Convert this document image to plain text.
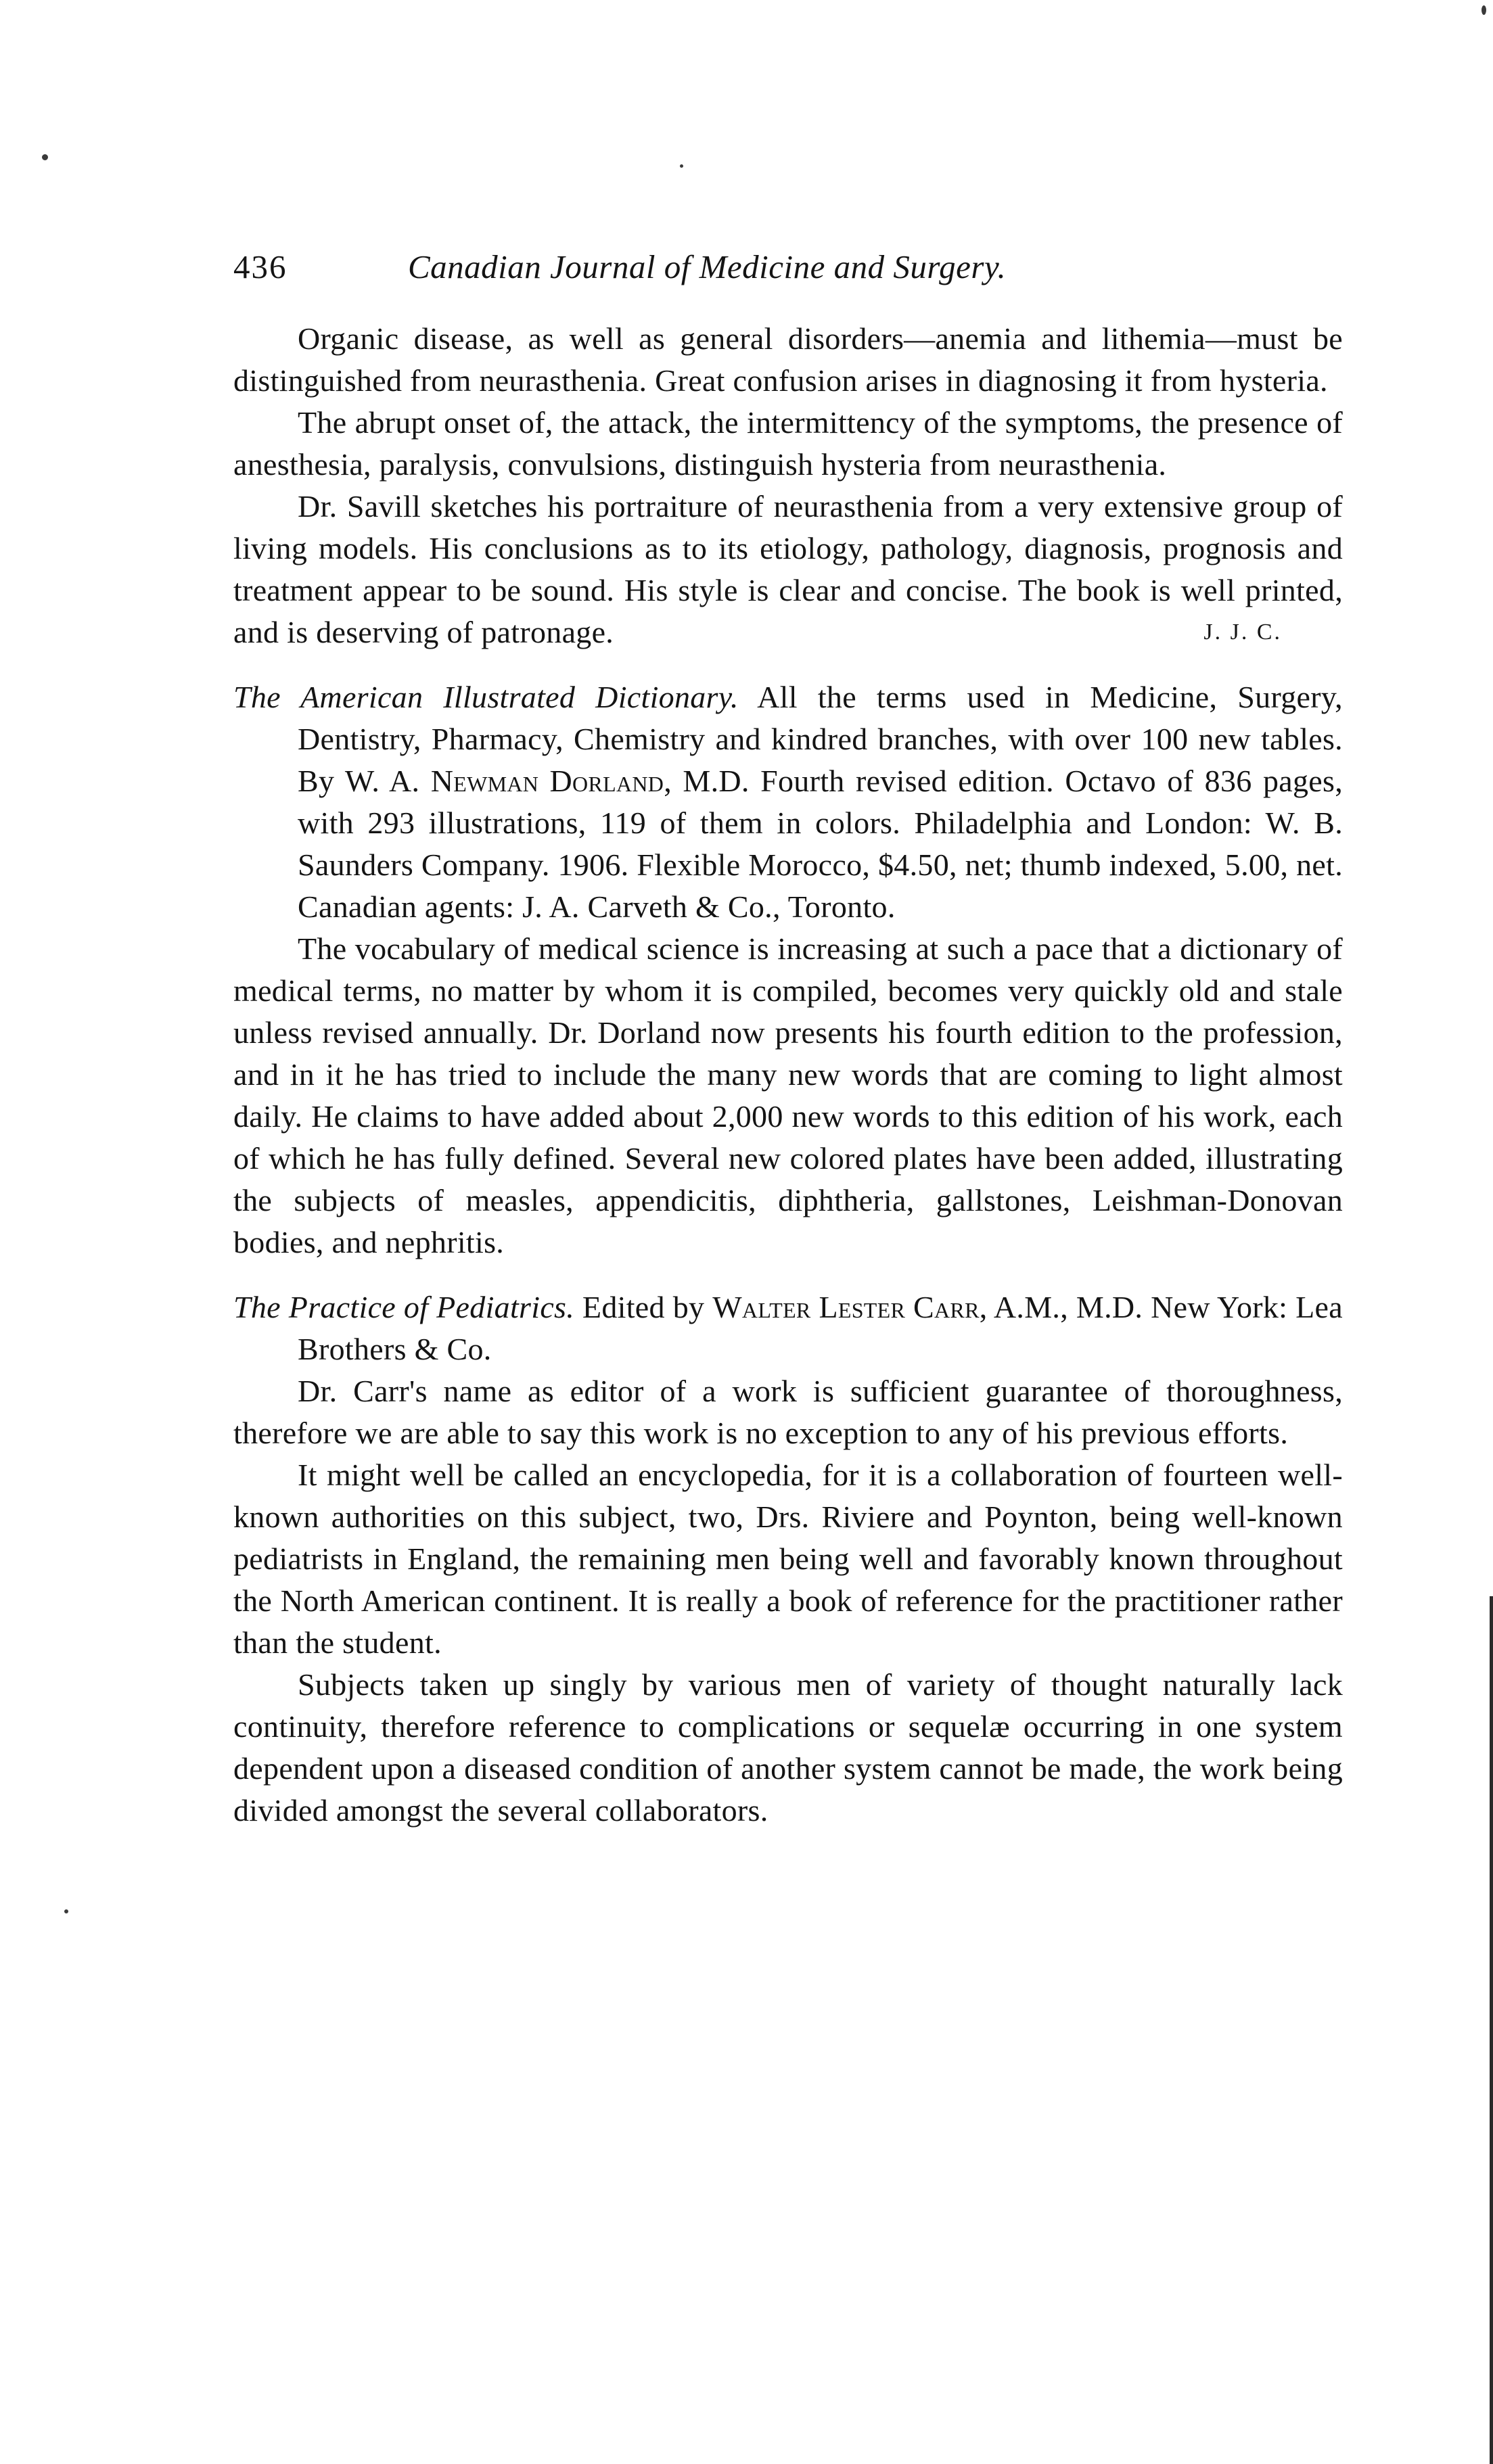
436	Canadian Journal of Medicine and Surgery.

Organic disease, as well as general disorders—anemia and lithemia—must be distinguished from neurasthenia. Great confusion arises in diagnosing it from hysteria.

The abrupt onset of, the attack, the intermittency of the symptoms, the presence of anesthesia, paralysis, convulsions, distinguish hysteria from neurasthenia.

Dr. Savill sketches his portraiture of neurasthenia from a very extensive group of living models. His conclusions as to its etiology, pathology, diagnosis, prognosis and treatment appear to be sound. His style is clear and concise. The book is well printed, and is deserving of patronage.	J. J. C.

The American Illustrated Dictionary. All the terms used in Medicine, Surgery, Dentistry, Pharmacy, Chemistry and kindred branches, with over 100 new tables. By W. A. Newman Dorland, M.D. Fourth revised edition. Octavo of 836 pages, with 293 illustrations, 119 of them in colors. Philadelphia and London: W. B. Saunders Company. 1906. Flexible Morocco, $4.50, net; thumb indexed, 5.00, net. Canadian agents: J. A. Carveth & Co., Toronto.

The vocabulary of medical science is increasing at such a pace that a dictionary of medical terms, no matter by whom it is compiled, becomes very quickly old and stale unless revised annually. Dr. Dorland now presents his fourth edition to the profession, and in it he has tried to include the many new words that are coming to light almost daily. He claims to have added about 2,000 new words to this edition of his work, each of which he has fully defined. Several new colored plates have been added, illustrating the subjects of measles, appendicitis, diphtheria, gallstones, Leishman-Donovan bodies, and nephritis.

The Practice of Pediatrics. Edited by Walter Lester Carr, A.M., M.D. New York: Lea Brothers & Co.

Dr. Carr's name as editor of a work is sufficient guarantee of thoroughness, therefore we are able to say this work is no exception to any of his previous efforts.

It might well be called an encyclopedia, for it is a collaboration of fourteen well-known authorities on this subject, two, Drs. Riviere and Poynton, being well-known pediatrists in England, the remaining men being well and favorably known throughout the North American continent. It is really a book of reference for the practitioner rather than the student.

Subjects taken up singly by various men of variety of thought naturally lack continuity, therefore reference to complications or sequelæ occurring in one system dependent upon a diseased condition of another system cannot be made, the work being divided amongst the several collaborators.
